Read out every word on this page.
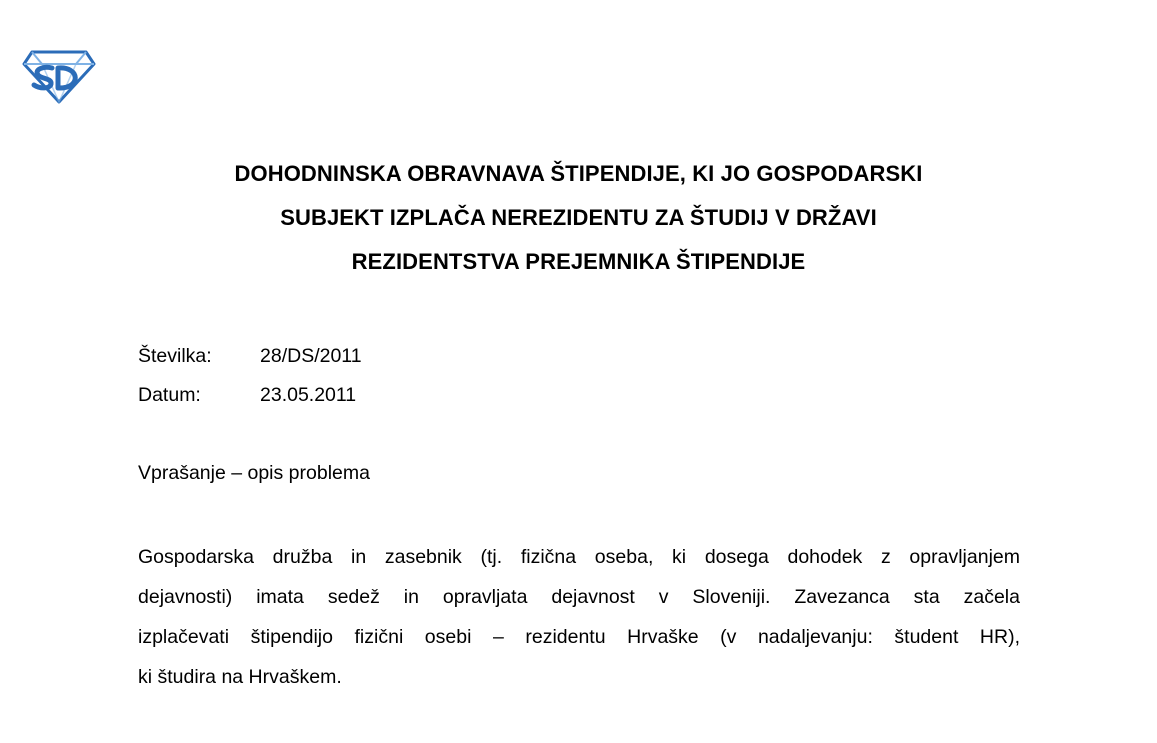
DOHODNINSKA OBRAVNAVA ŠTIPENDIJE, KI JO GOSPODARSKI
SUBJEKT IZPLAČA NEREZIDENTU ZA ŠTUDIJ V DRŽAVI
REZIDENTSTVA PREJEMNIKA ŠTIPENDIJE
Številka:	28/DS/2011
Datum:	23.05.2011
Vprašanje – opis problema
Gospodarska družba in zasebnik (tj. fizična oseba, ki dosega dohodek z opravljanjem
dejavnosti) imata sedež in opravljata dejavnost v Sloveniji. Zavezanca sta začela
izplačevati štipendijo fizični osebi – rezidentu Hrvaške (v nadaljevanju: študent HR),
ki študira na Hrvaškem.
